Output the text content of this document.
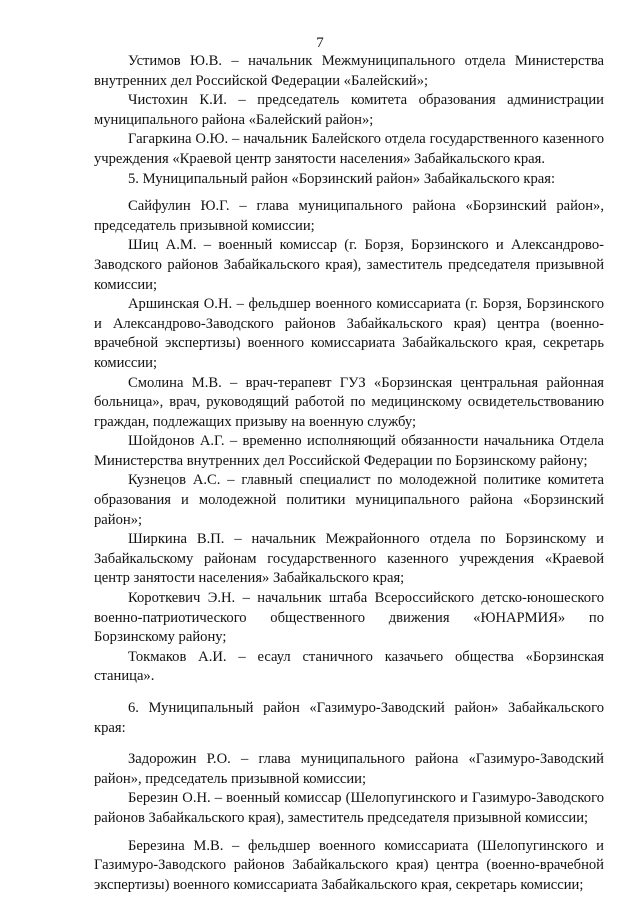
7

Устимов Ю.В. – начальник Межмуниципального отдела Министерства внутренних дел Российской Федерации «Балейский»;

Чистохин К.И. – председатель комитета образования администрации муниципального района «Балейский район»;

Гагаркина О.Ю. – начальник Балейского отдела государственного казенного учреждения «Краевой центр занятости населения» Забайкальского края.

5. Муниципальный район «Борзинский район» Забайкальского края:

Сайфулин Ю.Г. – глава муниципального района «Борзинский район», председатель призывной комиссии;

Шиц А.М. – военный комиссар (г. Борзя, Борзинского и Александрово-Заводского районов Забайкальского края), заместитель председателя призывной комиссии;

Аршинская О.Н. – фельдшер военного комиссариата (г. Борзя, Борзинского и Александрово-Заводского районов Забайкальского края) центра (военно-врачебной экспертизы) военного комиссариата Забайкальского края, секретарь комиссии;

Смолина М.В. – врач-терапевт ГУЗ «Борзинская центральная районная больница», врач, руководящий работой по медицинскому освидетельствованию граждан, подлежащих призыву на военную службу;

Шойдонов А.Г. – временно исполняющий обязанности начальника Отдела Министерства внутренних дел Российской Федерации по Борзинскому району;

Кузнецов А.С. – главный специалист по молодежной политике комитета образования и молодежной политики муниципального района «Борзинский район»;

Ширкина В.П. – начальник Межрайонного отдела по Борзинскому и Забайкальскому районам государственного казенного учреждения «Краевой центр занятости населения» Забайкальского края;

Короткевич Э.Н. – начальник штаба Всероссийского детско-юношеского военно-патриотического общественного движения «ЮНАРМИЯ» по Борзинскому району;

Токмаков А.И. – есаул станичного казачьего общества «Борзинская станица».

6. Муниципальный район «Газимуро-Заводский район» Забайкальского края:

Задорожин Р.О. – глава муниципального района «Газимуро-Заводский район», председатель призывной комиссии;

Березин О.Н. – военный комиссар (Шелопугинского и Газимуро-Заводского районов Забайкальского края), заместитель председателя призывной комиссии;

Березина М.В. – фельдшер военного комиссариата (Шелопугинского и Газимуро-Заводского районов Забайкальского края) центра (военно-врачебной экспертизы) военного комиссариата Забайкальского края, секретарь комиссии;
